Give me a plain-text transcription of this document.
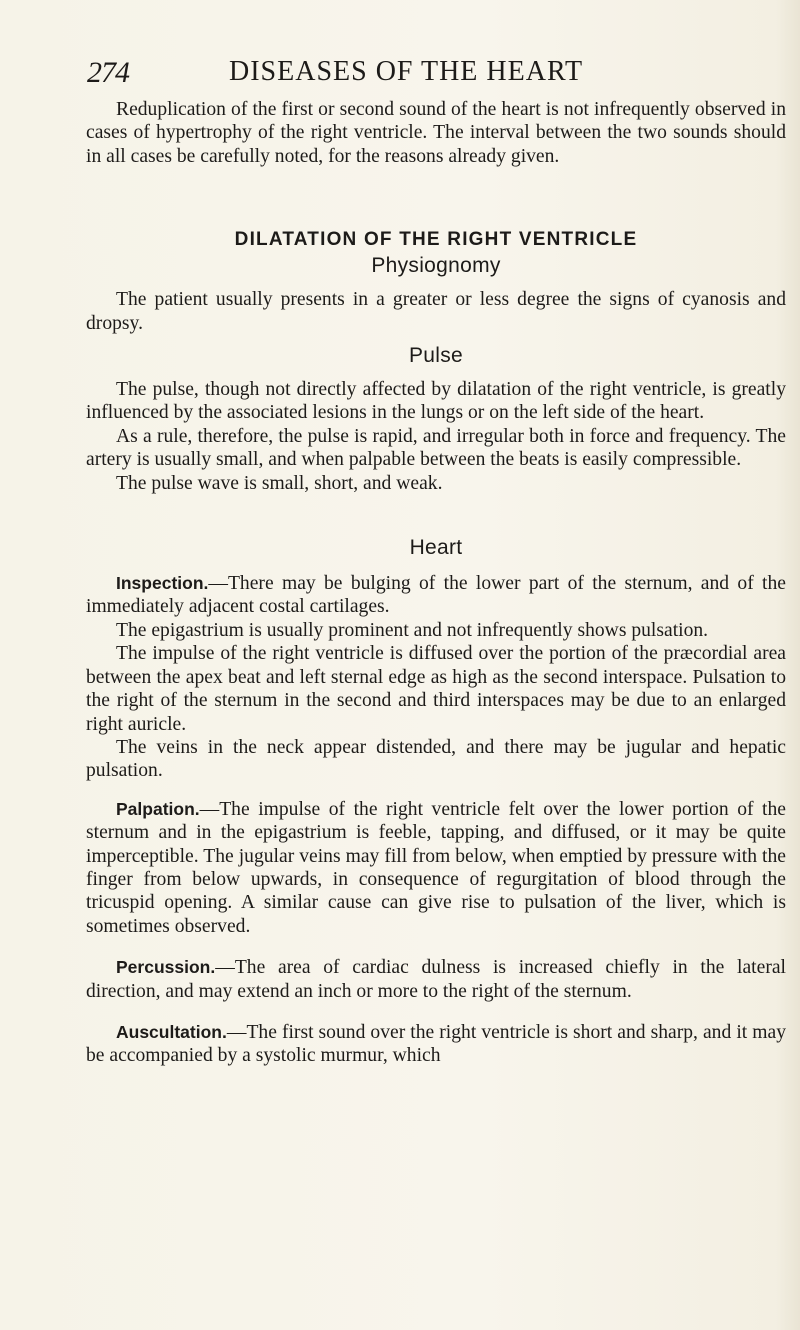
274	DISEASES OF THE HEART

Reduplication of the first or second sound of the heart is not infrequently observed in cases of hypertrophy of the right ventricle. The interval between the two sounds should in all cases be carefully noted, for the reasons already given.

DILATATION OF THE RIGHT VENTRICLE
Physiognomy

The patient usually presents in a greater or less degree the signs of cyanosis and dropsy.

Pulse

The pulse, though not directly affected by dilatation of the right ventricle, is greatly influenced by the associated lesions in the lungs or on the left side of the heart.

As a rule, therefore, the pulse is rapid, and irregular both in force and frequency. The artery is usually small, and when palpable between the beats is easily compressible.

The pulse wave is small, short, and weak.

Heart

Inspection.—There may be bulging of the lower part of the sternum, and of the immediately adjacent costal cartilages.

The epigastrium is usually prominent and not infrequently shows pulsation.

The impulse of the right ventricle is diffused over the portion of the præcordial area between the apex beat and left sternal edge as high as the second interspace. Pulsation to the right of the sternum in the second and third interspaces may be due to an enlarged right auricle.

The veins in the neck appear distended, and there may be jugular and hepatic pulsation.

Palpation.—The impulse of the right ventricle felt over the lower portion of the sternum and in the epigastrium is feeble, tapping, and diffused, or it may be quite imperceptible. The jugular veins may fill from below, when emptied by pressure with the finger from below upwards, in consequence of regurgitation of blood through the tricuspid opening. A similar cause can give rise to pulsation of the liver, which is sometimes observed.

Percussion.—The area of cardiac dulness is increased chiefly in the lateral direction, and may extend an inch or more to the right of the sternum.

Auscultation.—The first sound over the right ventricle is short and sharp, and it may be accompanied by a systolic murmur, which
